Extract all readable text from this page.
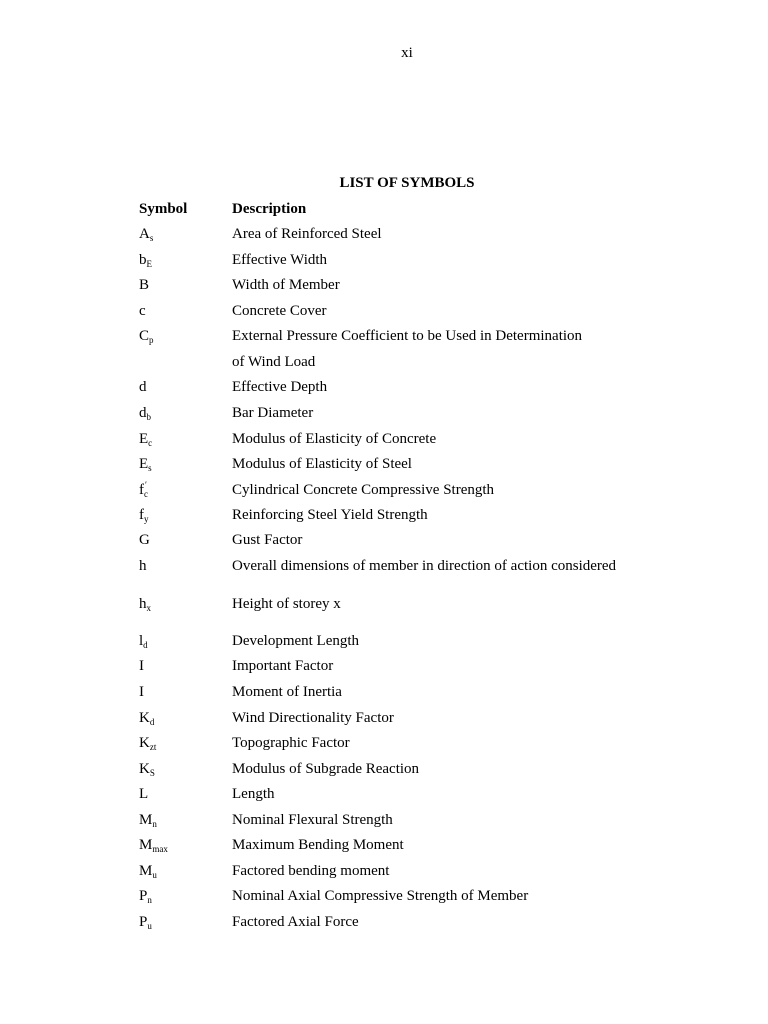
xi
LIST OF SYMBOLS
Symbol	Description
$A_s$	Area of Reinforced Steel
$b_E$	Effective Width
B	Width of Member
c	Concrete Cover
$C_p$	External Pressure Coefficient to be Used in Determination
of Wind Load
d	Effective Depth
$d_b$	Bar Diameter
$E_c$	Modulus of Elasticity of Concrete
$E_s$	Modulus of Elasticity of Steel
$f_c'$	Cylindrical Concrete Compressive Strength
$f_y$	Reinforcing Steel Yield Strength
G	Gust Factor
h	Overall dimensions of member in direction of action considered
$h_x$	Height of storey x
$l_d$	Development Length
I	Important Factor
I	Moment of Inertia
$K_d$	Wind Directionality Factor
$K_{zt}$	Topographic Factor
$K_S$	Modulus of Subgrade Reaction
L	Length
$M_n$	Nominal Flexural Strength
$M_{max}$	Maximum Bending Moment
$M_u$	Factored bending moment
$P_n$	Nominal Axial Compressive Strength of Member
$P_u$	Factored Axial Force
